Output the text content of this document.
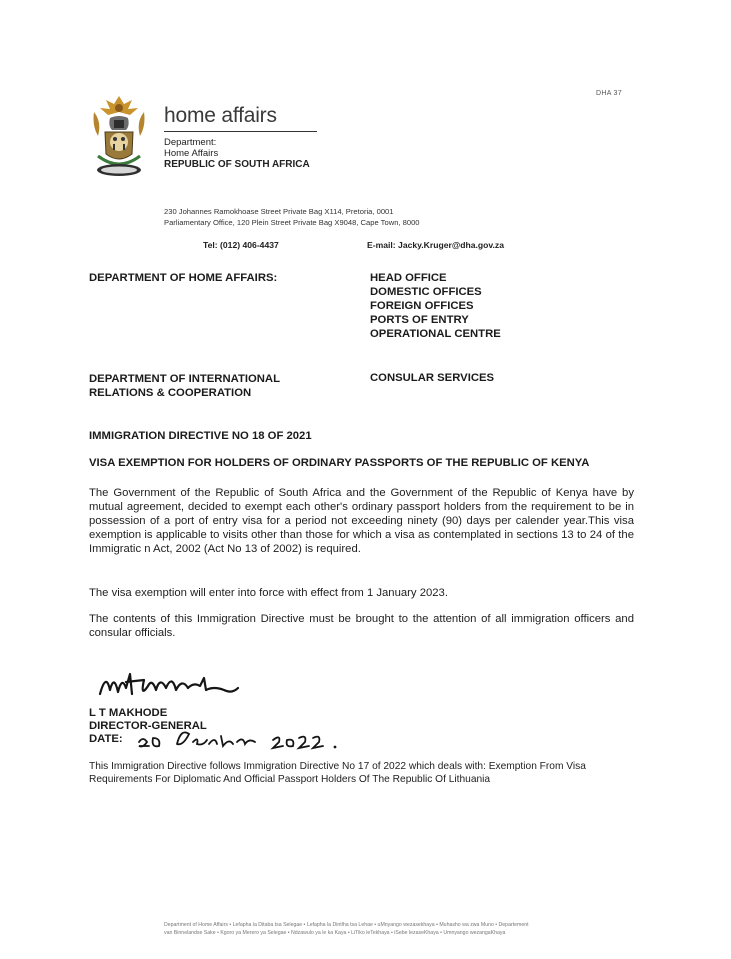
DHA 37
home affairs
Department:
Home Affairs
REPUBLIC OF SOUTH AFRICA
230 Johannes Ramokhoase Street Private Bag X114, Pretoria, 0001
Parliamentary Office, 120 Plein Street Private Bag X9048, Cape Town, 8000
Tel: (012) 406-4437	E-mail: Jacky.Kruger@dha.gov.za
DEPARTMENT OF HOME AFFAIRS:	HEAD OFFICE
DOMESTIC OFFICES
FOREIGN OFFICES
PORTS OF ENTRY
OPERATIONAL CENTRE
DEPARTMENT OF INTERNATIONAL
RELATIONS & COOPERATION
CONSULAR SERVICES
IMMIGRATION DIRECTIVE NO 18 OF 2021
VISA EXEMPTION FOR HOLDERS OF ORDINARY PASSPORTS OF THE REPUBLIC OF KENYA
The Government of the Republic of South Africa and the Government of the Republic of Kenya have by mutual agreement, decided to exempt each other's ordinary passport holders from the requirement to be in possession of a port of entry visa for a period not exceeding ninety (90) days per calender year.This visa exemption is applicable to visits other than those for which a visa as contemplated in sections 13 to 24 of the Immigratic n Act, 2002 (Act No 13 of 2002) is required.
The visa exemption will enter into force with effect from 1 January 2023.
The contents of this Immigration Directive must be brought to the attention of all immigration officers and consular officials.
L T MAKHODE
DIRECTOR-GENERAL
DATE:
This Immigration Directive follows Immigration Directive No 17 of 2022 which deals with: Exemption From Visa Requirements For Diplomatic And Official Passport Holders Of The Republic Of Lithuania
Department of Home Affairs • Lefapha la Ditaba tsa Selegae • Lefapha la Dintlha tsa Lehae • uMnyango wezasekhaya • Muhasho wa zwa Muno • Departement
van Binnelandse Sake • Kgoro ya Merero ya Selegae • Ndzawulo ya le ka Kaya • LiTiko leTekhaya • iSebe lezaseKhaya • Umnyango wezangaKhaya
